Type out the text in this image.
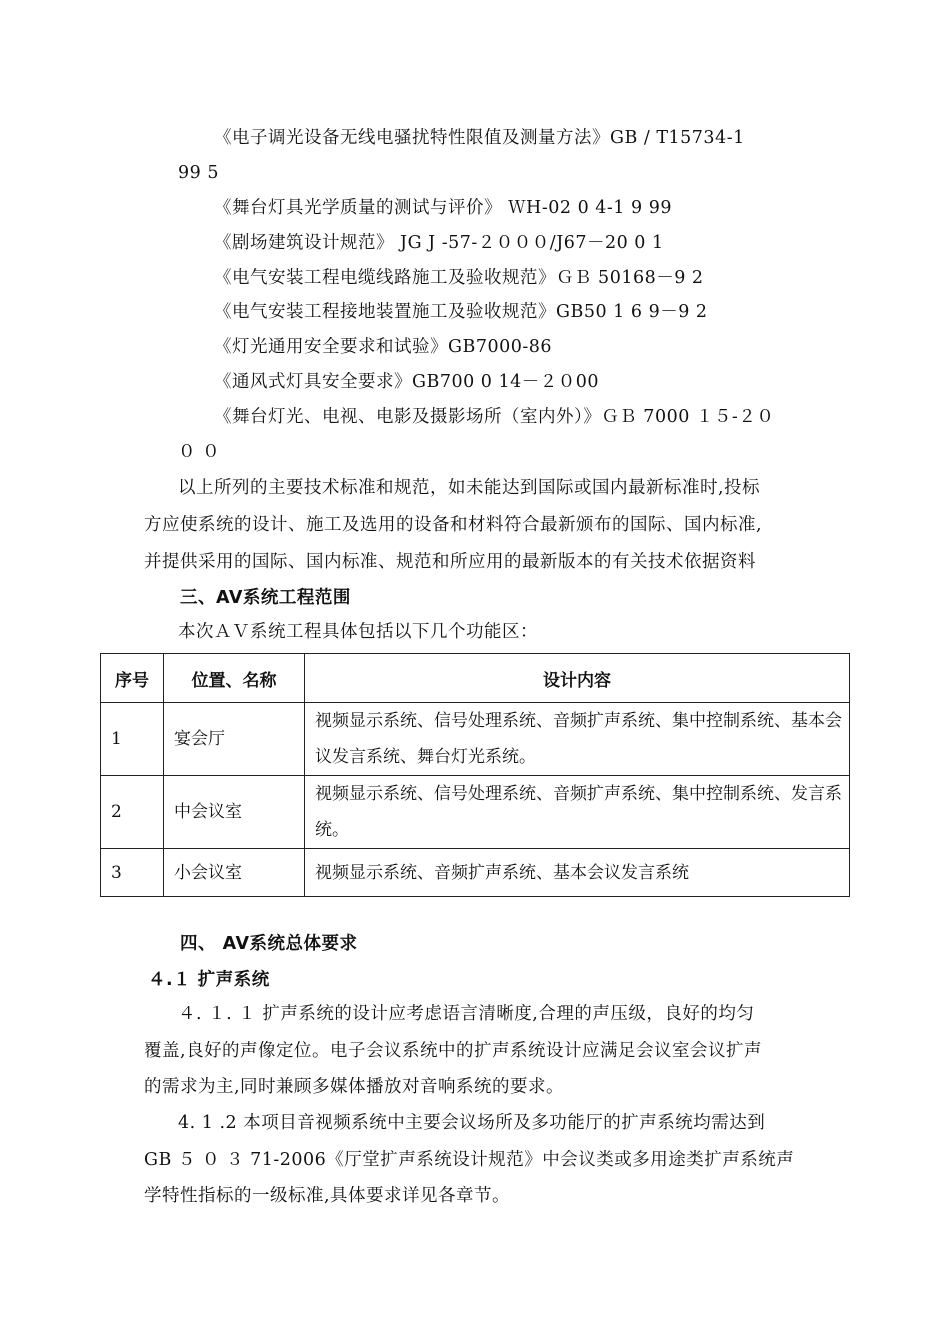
《电子调光设备无线电骚扰特性限值及测量方法》GB / T15734-1
99 5
《舞台灯具光学质量的测试与评价》 ＷH-02 0 4-1 9 99
《剧场建筑设计规范》 JG J -57-２０００/J67－20 0 1
《电气安装工程电缆线路施工及验收规范》ＧＢ 50168－9 2
《电气安装工程接地装置施工及验收规范》GB50 1 6 9－9 2
《灯光通用安全要求和试验》GB7000-86
《通风式灯具安全要求》GB700 0 14－２０00
《舞台灯光、电视、电影及摄影场所（室内外）》ＧＢ 7000 １５-２０
０ ０
以上所列的主要技术标准和规范，如未能达到国际或国内最新标准时,投标
方应使系统的设计、施工及选用的设备和材料符合最新颁布的国际、国内标准,
并提供采用的国际、国内标准、规范和所应用的最新版本的有关技术依据资料
三、AV系统工程范围
本次ＡＶ系统工程具体包括以下几个功能区：
序号	位置、名称	设计内容
1	宴会厅	视频显示系统、信号处理系统、音频扩声系统、集中控制系统、基本会议发言系统、舞台灯光系统。
2	中会议室	视频显示系统、信号处理系统、音频扩声系统、集中控制系统、发言系统。
3	小会议室	视频显示系统、音频扩声系统、基本会议发言系统
四、 AV系统总体要求
４.１ 扩声系统
４. １. １ 扩声系统的设计应考虑语言清晰度,合理的声压级，良好的均匀
覆盖,良好的声像定位。电子会议系统中的扩声系统设计应满足会议室会议扩声
的需求为主,同时兼顾多媒体播放对音响系统的要求。
4. 1 .2 本项目音视频系统中主要会议场所及多功能厅的扩声系统均需达到
GB ５ ０ ３ 71-2006《厅堂扩声系统设计规范》中会议类或多用途类扩声系统声
学特性指标的一级标准,具体要求详见各章节。
